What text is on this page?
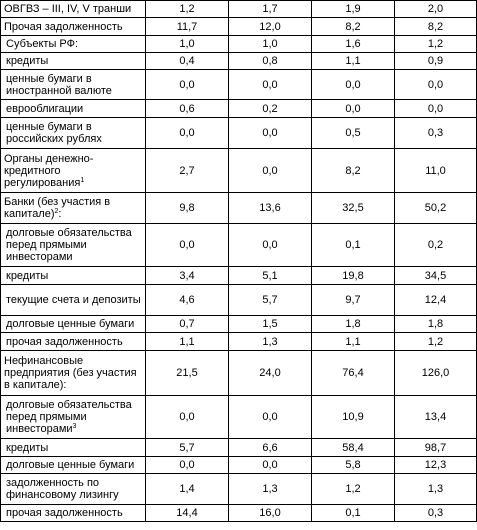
ОВГВЗ – III, IV, V транши	1,2	1,7	1,9	2,0
Прочая задолженность	11,7	12,0	8,2	8,2
Субъекты РФ:	1,0	1,0	1,6	1,2
кредиты	0,4	0,8	1,1	0,9
ценные бумаги в иностранной валюте	0,0	0,0	0,0	0,0
еврооблигации	0,6	0,2	0,0	0,0
ценные бумаги в российских рублях	0,0	0,0	0,5	0,3
Органы денежно-кредитного регулирования$^1$	2,7	0,0	8,2	11,0
Банки (без участия в капитале)$^2$:	9,8	13,6	32,5	50,2
долговые обязательства перед прямыми инвесторами	0,0	0,0	0,1	0,2
кредиты	3,4	5,1	19,8	34,5
текущие счета и депозиты	4,6	5,7	9,7	12,4
долговые ценные бумаги	0,7	1,5	1,8	1,8
прочая задолженность	1,1	1,3	1,1	1,2
Нефинансовые предприятия (без участия в капитале):	21,5	24,0	76,4	126,0
долговые обязательства перед прямыми инвесторами$^3$	0,0	0,0	10,9	13,4
кредиты	5,7	6,6	58,4	98,7
долговые ценные бумаги	0,0	0,0	5,8	12,3
задолженность по финансовому лизингу	1,4	1,3	1,2	1,3
прочая задолженность	14,4	16,0	0,1	0,3
